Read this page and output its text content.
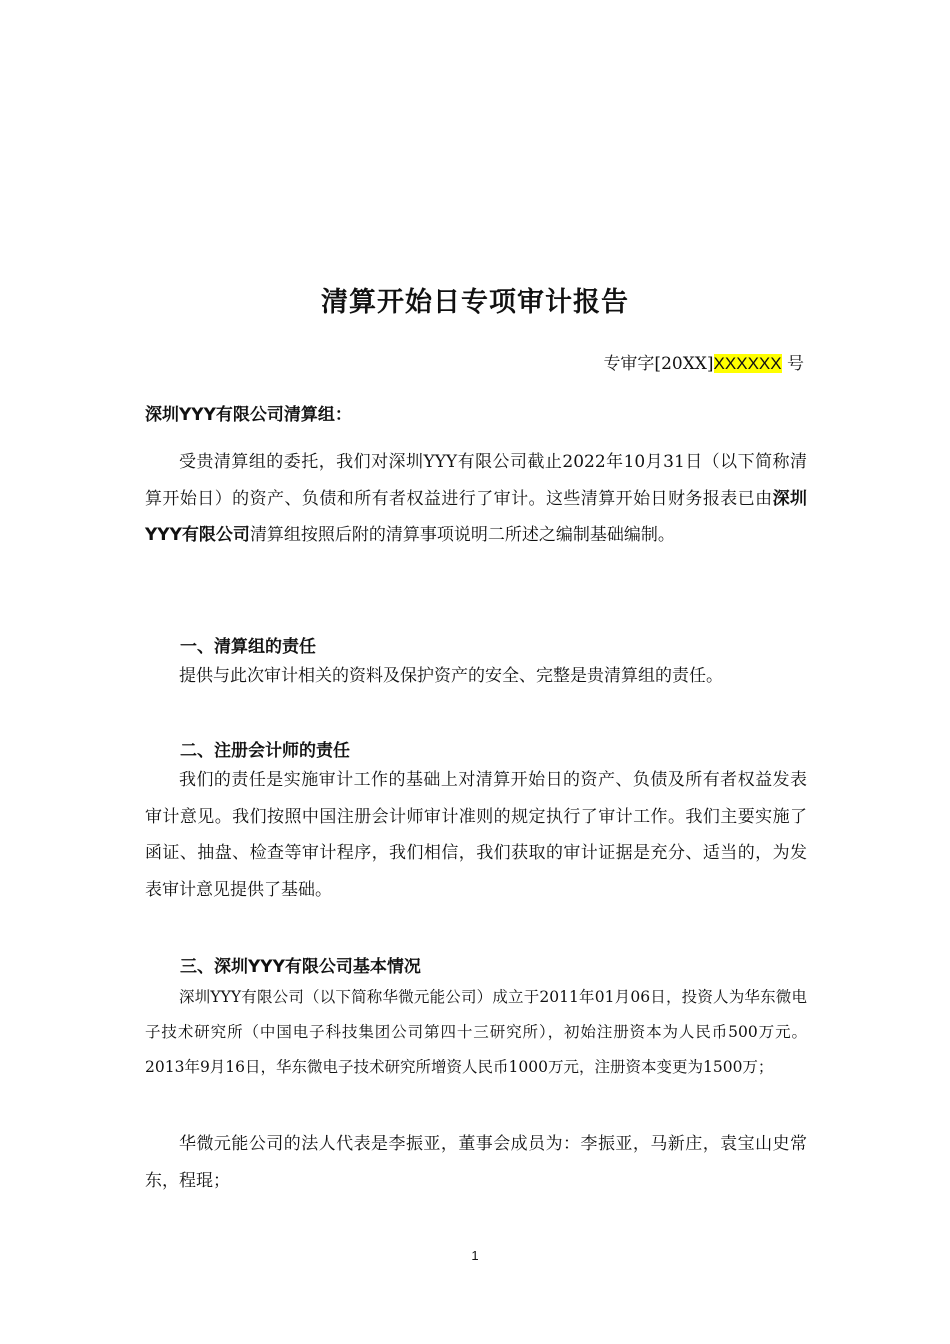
清算开始日专项审计报告
专审字[20XX]XXXXXX 号
深圳YYY有限公司清算组：

受贵清算组的委托，我们对深圳YYY有限公司截止2022年10月31日（以下简称清算开始日）的资产、负债和所有者权益进行了审计。这些清算开始日财务报表已由深圳YYY有限公司清算组按照后附的清算事项说明二所述之编制基础编制。

一、清算组的责任

提供与此次审计相关的资料及保护资产的安全、完整是贵清算组的责任。

二、注册会计师的责任

我们的责任是实施审计工作的基础上对清算开始日的资产、负债及所有者权益发表审计意见。我们按照中国注册会计师审计准则的规定执行了审计工作。我们主要实施了函证、抽盘、检查等审计程序，我们相信，我们获取的审计证据是充分、适当的，为发表审计意见提供了基础。

三、深圳YYY有限公司基本情况

深圳YYY有限公司（以下简称华微元能公司）成立于2011年01月06日，投资人为华东微电子技术研究所（中国电子科技集团公司第四十三研究所），初始注册资本为人民币500万元。2013年9月16日，华东微电子技术研究所增资人民币1000万元，注册资本变更为1500万；

华微元能公司的法人代表是李振亚，董事会成员为：李振亚，马新庄，袁宝山史常东，程琨；

1
